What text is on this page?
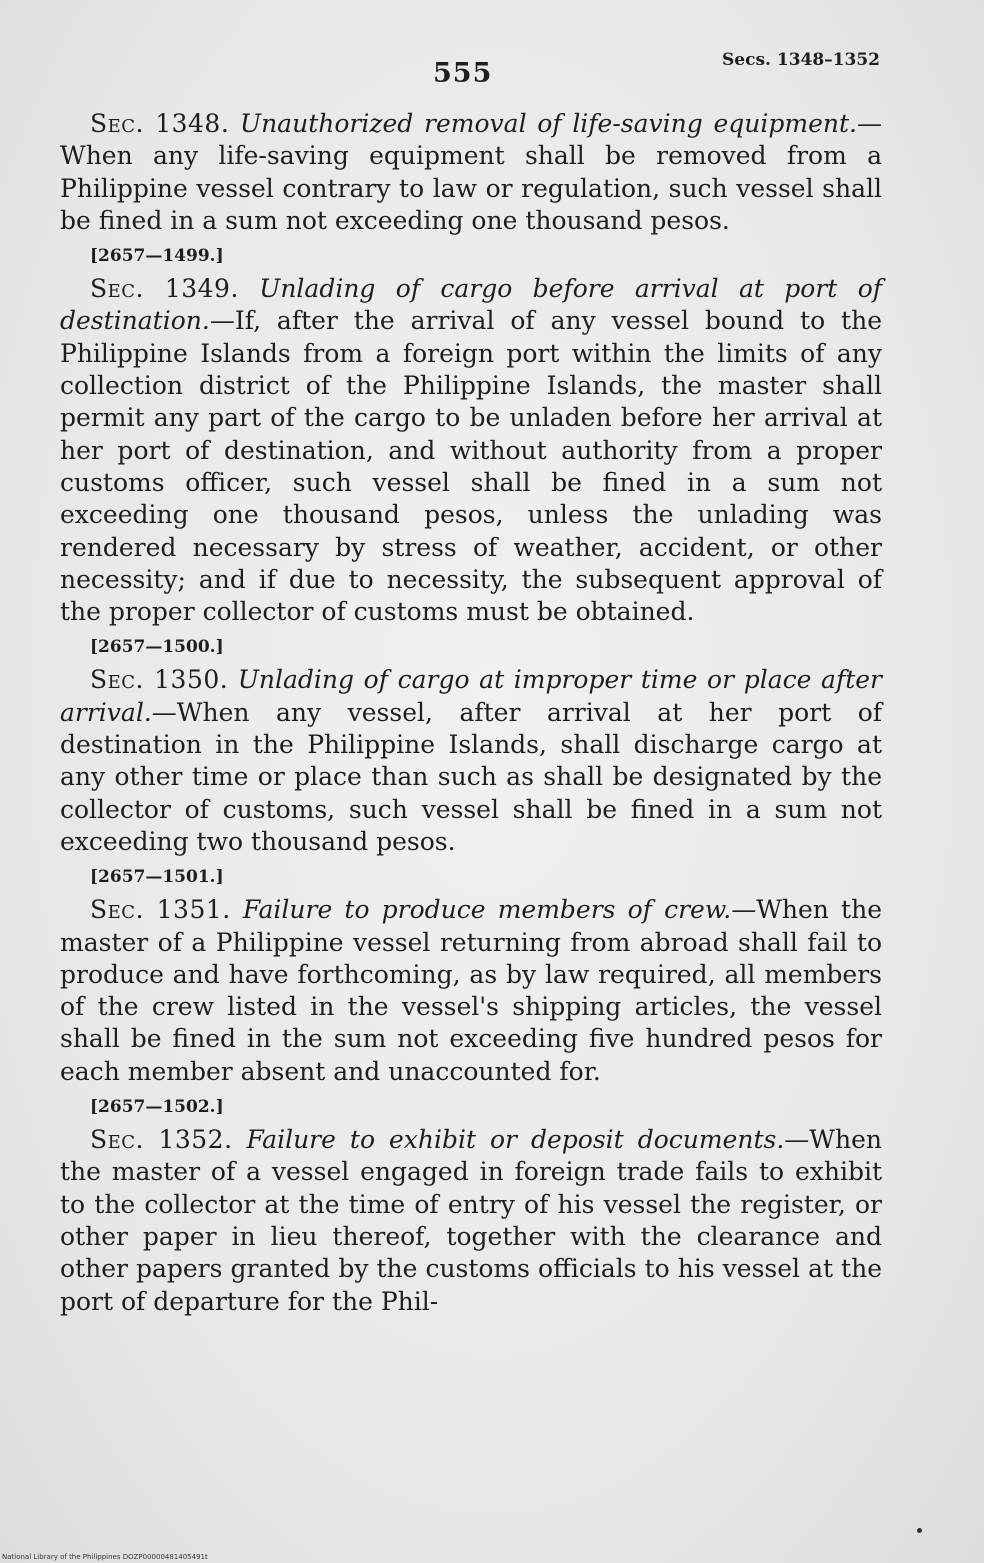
555	Secs. 1348–1352

Sec. 1348. Unauthorized removal of life-saving equipment.—When any life-saving equipment shall be removed from a Philippine vessel contrary to law or regulation, such vessel shall be fined in a sum not exceeding one thousand pesos.

[2657—1499.]

Sec. 1349. Unlading of cargo before arrival at port of destination.—If, after the arrival of any vessel bound to the Philippine Islands from a foreign port within the limits of any collection district of the Philippine Islands, the master shall permit any part of the cargo to be unladen before her arrival at her port of destination, and without authority from a proper customs officer, such vessel shall be fined in a sum not exceeding one thousand pesos, unless the unlading was rendered necessary by stress of weather, accident, or other necessity; and if due to necessity, the subsequent approval of the proper collector of customs must be obtained.

[2657—1500.]

Sec. 1350. Unlading of cargo at improper time or place after arrival.—When any vessel, after arrival at her port of destination in the Philippine Islands, shall discharge cargo at any other time or place than such as shall be designated by the collector of customs, such vessel shall be fined in a sum not exceeding two thousand pesos.

[2657—1501.]

Sec. 1351. Failure to produce members of crew.—When the master of a Philippine vessel returning from abroad shall fail to produce and have forthcoming, as by law required, all members of the crew listed in the vessel's shipping articles, the vessel shall be fined in the sum not exceeding five hundred pesos for each member absent and unaccounted for.

[2657—1502.]

Sec. 1352. Failure to exhibit or deposit documents.—When the master of a vessel engaged in foreign trade fails to exhibit to the collector at the time of entry of his vessel the register, or other paper in lieu thereof, together with the clearance and other papers granted by the customs officials to his vessel at the port of departure for the Phil-

National Library of the Philippines DOZP00000481405491t
